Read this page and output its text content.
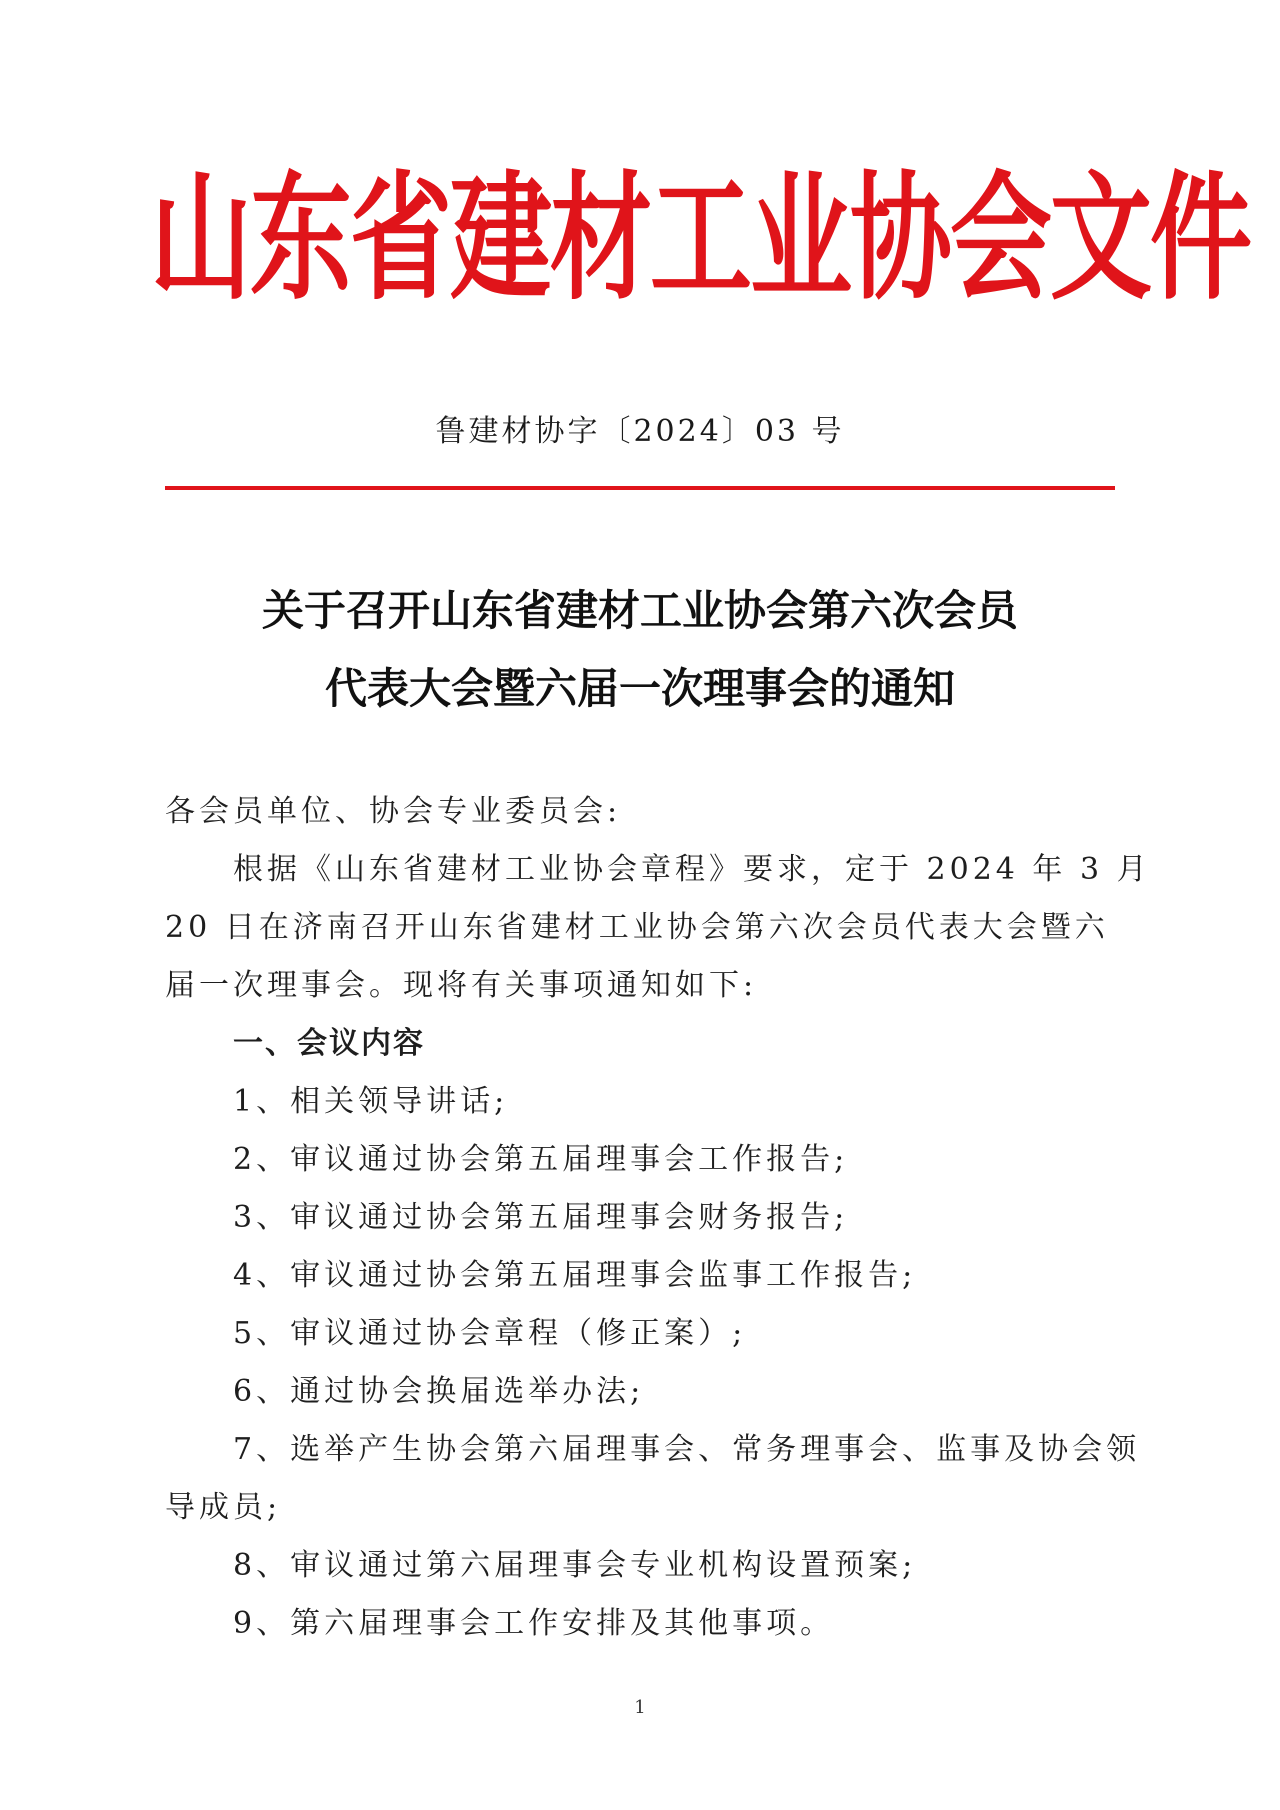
山东省建材工业协会文件
鲁建材协字〔2024〕03 号
关于召开山东省建材工业协会第六次会员
代表大会暨六届一次理事会的通知

各会员单位、协会专业委员会:

根据《山东省建材工业协会章程》要求，定于 2024 年 3 月

20 日在济南召开山东省建材工业协会第六次会员代表大会暨六

届一次理事会。现将有关事项通知如下:

一、会议内容

1、相关领导讲话;

2、审议通过协会第五届理事会工作报告;

3、审议通过协会第五届理事会财务报告;

4、审议通过协会第五届理事会监事工作报告;

5、审议通过协会章程（修正案）;

6、通过协会换届选举办法;

7、选举产生协会第六届理事会、常务理事会、监事及协会领

导成员;

8、审议通过第六届理事会专业机构设置预案;

9、第六届理事会工作安排及其他事项。

1
